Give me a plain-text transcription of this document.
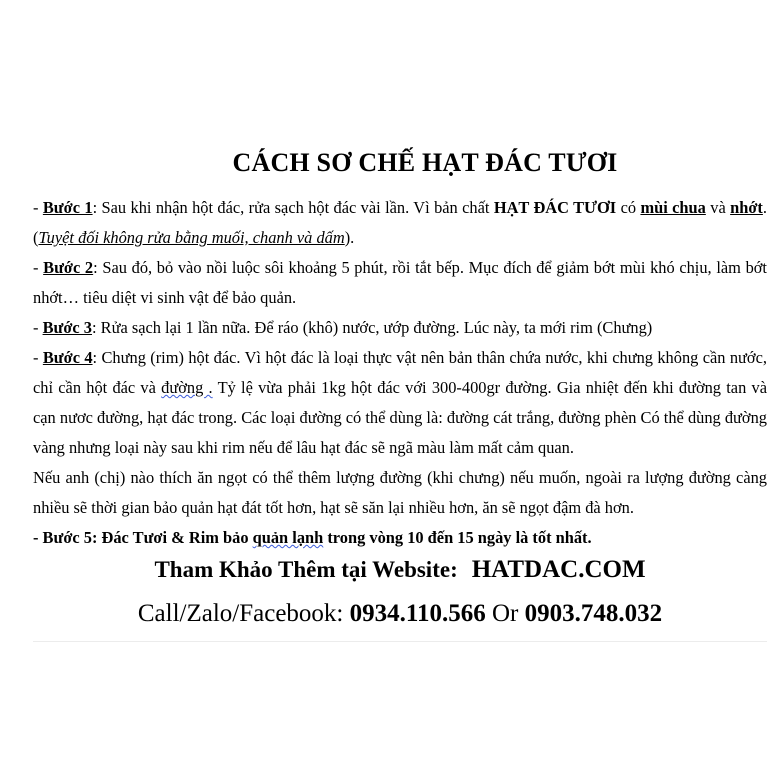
CÁCH SƠ CHẾ HẠT ĐÁC TƯƠI

- Bước 1: Sau khi nhận hột đác, rửa sạch hột đác vài lần. Vì bản chất HẠT ĐÁC TƯƠI có mùi chua và nhớt. (Tuyệt đối không rửa bằng muối, chanh và dấm).

- Bước 2: Sau đó, bỏ vào nồi luộc sôi khoảng 5 phút, rồi tắt bếp. Mục đích để giảm bớt mùi khó chịu, làm bớt nhớt… tiêu diệt vi sinh vật để bảo quản.

- Bước 3: Rửa sạch lại 1 lần nữa. Để ráo (khô) nước, ướp đường. Lúc này, ta mới rim (Chưng)

- Bước 4: Chưng (rim) hột đác. Vì hột đác là loại thực vật nên bản thân chứa nước, khi chưng không cần nước, chỉ cần hột đác và đường . Tỷ lệ vừa phải 1kg hột đác với 300-400gr đường. Gia nhiệt đến khi đường tan và cạn nươc đường, hạt đác trong. Các loại đường có thể dùng là: đường cát trắng, đường phèn Có thể dùng đường vàng nhưng loại này sau khi rim nếu để lâu hạt đác sẽ ngã màu làm mất cảm quan.

Nếu anh (chị) nào thích ăn ngọt có thể thêm lượng đường (khi chưng) nếu muốn, ngoài ra lượng đường càng nhiều sẽ thời gian bảo quản hạt đát tốt hơn, hạt sẽ săn lại nhiều hơn, ăn sẽ ngọt đậm đà hơn.

- Bước 5: Đác Tươi & Rim bảo quản lạnh trong vòng 10 đến 15 ngày là tốt nhất.

Tham Khảo Thêm tại Website: HATDAC.COM
Call/Zalo/Facebook: 0934.110.566 Or 0903.748.032
